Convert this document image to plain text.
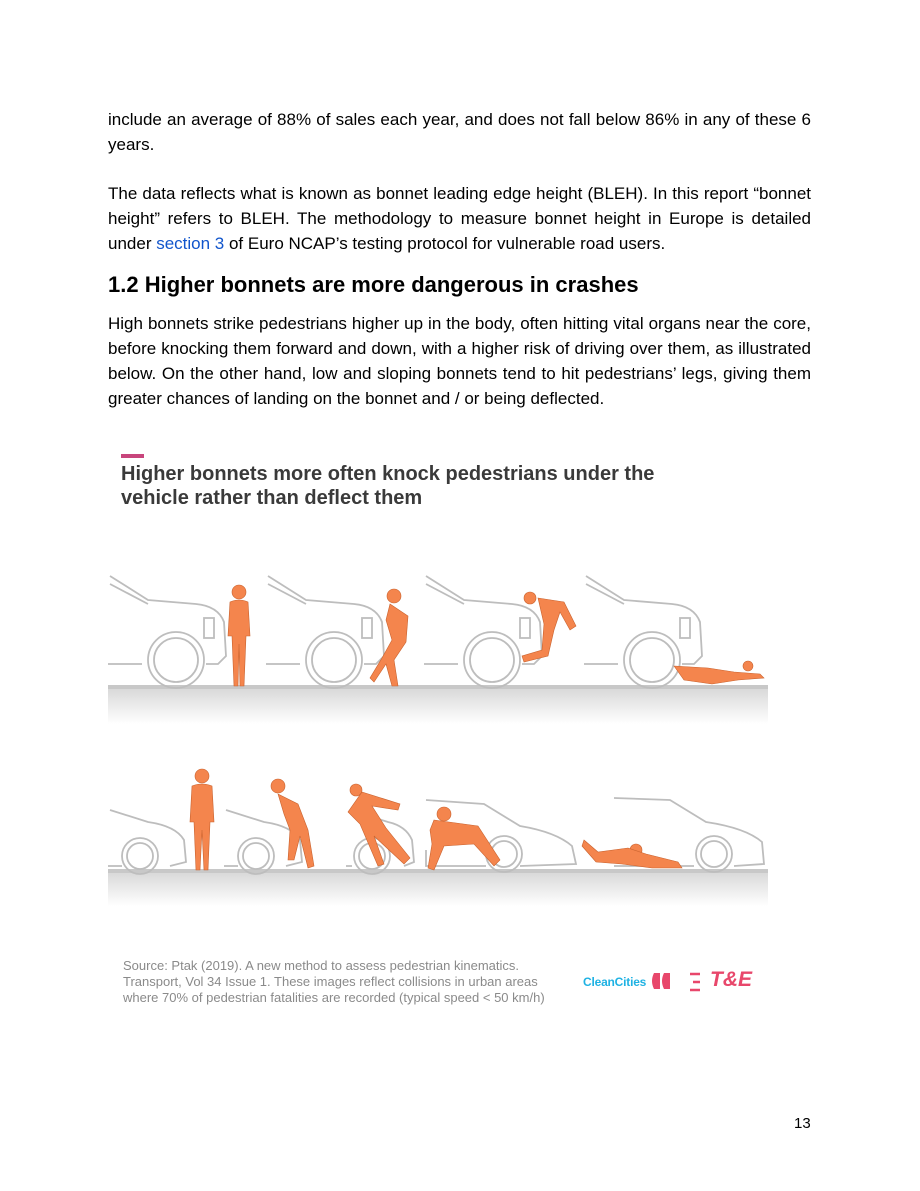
include an average of 88% of sales each year, and does not fall below 86% in any of these 6 years.

The data reflects what is known as bonnet leading edge height (BLEH). In this report “bonnet height” refers to BLEH. The methodology to measure bonnet height in Europe is detailed under section 3 of Euro NCAP’s testing protocol for vulnerable road users.

1.2 Higher bonnets are more dangerous in crashes

High bonnets strike pedestrians higher up in the body, often hitting vital organs near the core, before knocking them forward and down, with a higher risk of driving over them, as illustrated below. On the other hand, low and sloping bonnets tend to hit pedestrians’ legs, giving them greater chances of landing on the bonnet and / or being deflected.

Higher bonnets more often knock pedestrians under the vehicle rather than deflect them

Source: Ptak (2019). A new method to assess pedestrian kinematics. Transport, Vol 34 Issue 1. These images reflect collisions in urban areas where 70% of pedestrian fatalities are recorded (typical speed < 50 km/h)

CleanCities	T&E
13
